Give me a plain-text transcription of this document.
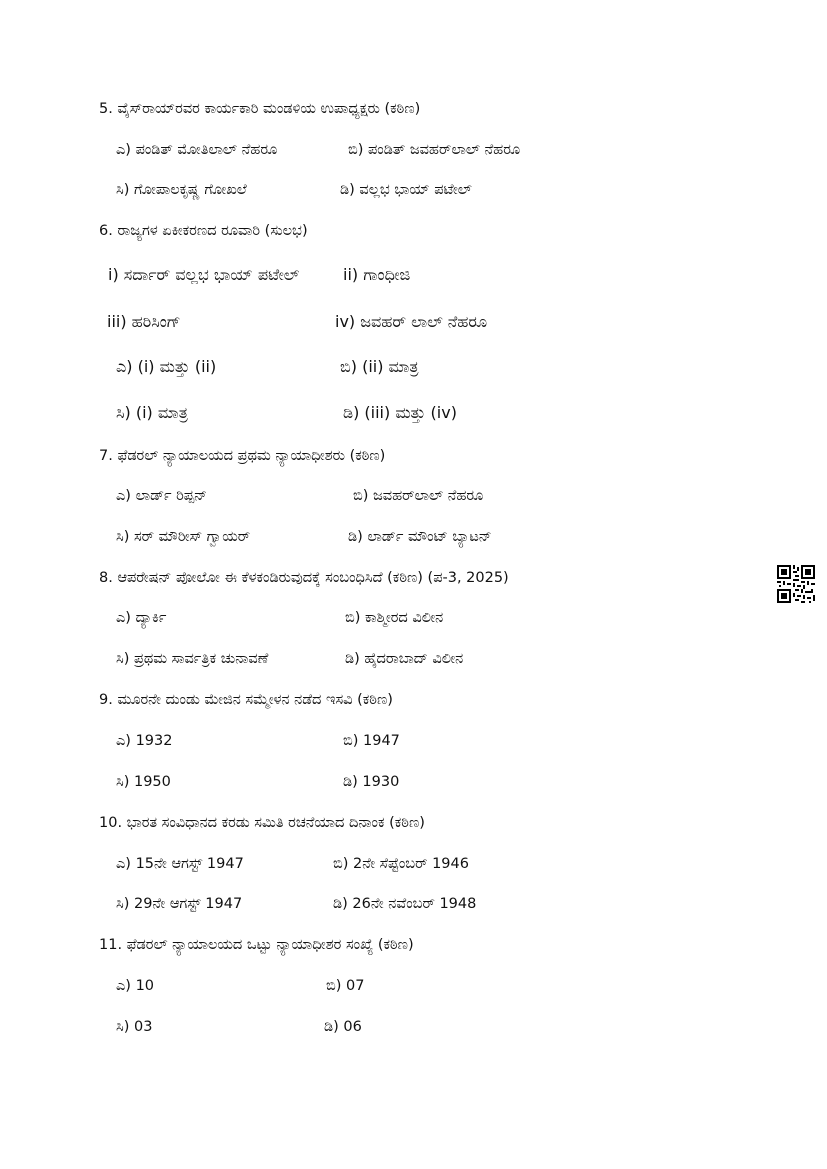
5. ವೈಸ್‌ರಾಯ್‌ರವರ ಕಾರ್ಯಕಾರಿ ಮಂಡಳಿಯ ಉಪಾಧ್ಯಕ್ಷರು (ಕಠಿಣ)
ಎ) ಪಂಡಿತ್ ಮೋತಿಲಾಲ್ ನೆಹರೂ	ಬಿ) ಪಂಡಿತ್ ಜವಹರ್‌ಲಾಲ್ ನೆಹರೂ
ಸಿ) ಗೋಪಾಲಕೃಷ್ಣ ಗೋಖಲೆ	ಡಿ) ವಲ್ಲಭ ಭಾಯ್ ಪಟೇಲ್
6. ರಾಜ್ಯಗಳ ಏಕೀಕರಣದ ರೂವಾರಿ (ಸುಲಭ)
i) ಸರ್ದಾರ್ ವಲ್ಲಭ ಭಾಯ್ ಪಟೇಲ್	ii) ಗಾಂಧೀಜಿ
iii) ಹರಿಸಿಂಗ್	iv) ಜವಹರ್ ಲಾಲ್ ನೆಹರೂ
ಎ) (i) ಮತ್ತು (ii)	ಬಿ) (ii) ಮಾತ್ರ
ಸಿ) (i) ಮಾತ್ರ	ಡಿ) (iii) ಮತ್ತು (iv)
7. ಫೆಡರಲ್ ನ್ಯಾಯಾಲಯದ ಪ್ರಥಮ ನ್ಯಾಯಾಧೀಶರು (ಕಠಿಣ)
ಎ) ಲಾರ್ಡ್ ರಿಪ್ಪನ್	ಬಿ) ಜವಹರ್‌ಲಾಲ್ ನೆಹರೂ
ಸಿ) ಸರ್ ಮೌರೀಸ್ ಗ್ವಾಯರ್	ಡಿ) ಲಾರ್ಡ್ ಮೌಂಟ್ ಬ್ಯಾಟನ್
8. ಆಪರೇಷನ್ ಪೋಲೋ ಈ ಕೆಳಕಂಡಿರುವುದಕ್ಕೆ ಸಂಬಂಧಿಸಿದೆ (ಕಠಿಣ) (ಪ-3, 2025)
ಎ) ದ್ಯಾರ್ಕಿ	ಬಿ) ಕಾಶ್ಮೀರದ ವಿಲೀನ
ಸಿ) ಪ್ರಥಮ ಸಾರ್ವತ್ರಿಕ ಚುನಾವಣೆ	ಡಿ) ಹೈದರಾಬಾದ್ ವಿಲೀನ
9. ಮೂರನೇ ದುಂಡು ಮೇಜಿನ ಸಮ್ಮೇಳನ ನಡೆದ ಇಸವಿ (ಕಠಿಣ)
ಎ) 1932	ಬಿ) 1947
ಸಿ) 1950	ಡಿ) 1930
10. ಭಾರತ ಸಂವಿಧಾನದ ಕರಡು ಸಮಿತಿ ರಚನೆಯಾದ ದಿನಾಂಕ (ಕಠಿಣ)
ಎ) 15ನೇ ಆಗಸ್ಟ್ 1947	ಬಿ) 2ನೇ ಸೆಪ್ಟೆಂಬರ್ 1946
ಸಿ) 29ನೇ ಆಗಸ್ಟ್ 1947	ಡಿ) 26ನೇ ನವೆಂಬರ್ 1948
11. ಫೆಡರಲ್ ನ್ಯಾಯಾಲಯದ ಒಟ್ಟು ನ್ಯಾಯಾಧೀಶರ ಸಂಖ್ಯೆ (ಕಠಿಣ)
ಎ) 10	ಬಿ) 07
ಸಿ) 03	ಡಿ) 06
